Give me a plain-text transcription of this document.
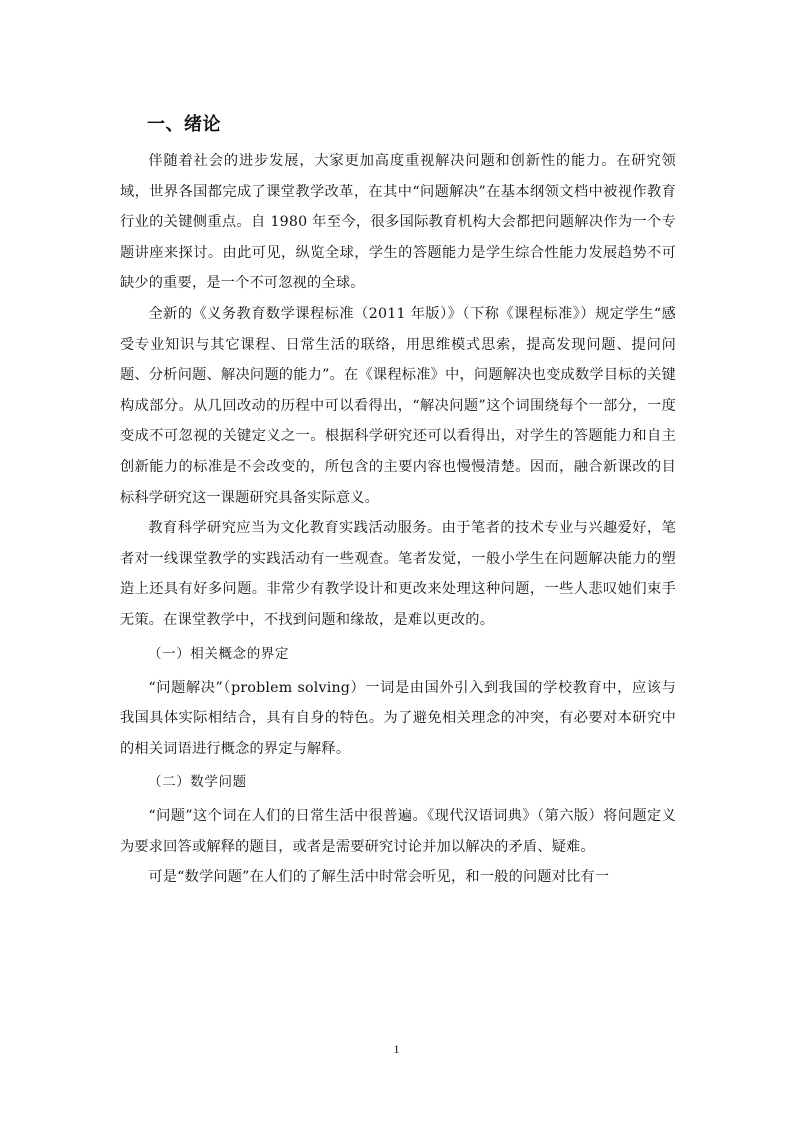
一、绪论

伴随着社会的进步发展，大家更加高度重视解决问题和创新性的能力。在研究领域，世界各国都完成了课堂教学改革，在其中“问题解决”在基本纲领文档中被视作教育行业的关键侧重点。自 1980 年至今，很多国际教育机构大会都把问题解决作为一个专题讲座来探讨。由此可见，纵览全球，学生的答题能力是学生综合性能力发展趋势不可缺少的重要，是一个不可忽视的全球。

全新的《义务教育数学课程标准（2011 年版）》（下称《课程标准》）规定学生“感受专业知识与其它课程、日常生活的联络，用思维模式思索，提高发现问题、提问问题、分析问题、解决问题的能力”。在《课程标准》中，问题解决也变成数学目标的关键构成部分。从几回改动的历程中可以看得出，“解决问题”这个词围绕每个一部分，一度变成不可忽视的关键定义之一。根据科学研究还可以看得出，对学生的答题能力和自主创新能力的标准是不会改变的，所包含的主要内容也慢慢清楚。因而，融合新课改的目标科学研究这一课题研究具备实际意义。

教育科学研究应当为文化教育实践活动服务。由于笔者的技术专业与兴趣爱好，笔者对一线课堂教学的实践活动有一些观查。笔者发觉，一般小学生在问题解决能力的塑造上还具有好多问题。非常少有教学设计和更改来处理这种问题，一些人悲叹她们束手无策。在课堂教学中，不找到问题和缘故，是难以更改的。

（一）相关概念的界定

“问题解决”（problem solving）一词是由国外引入到我国的学校教育中，应该与我国具体实际相结合，具有自身的特色。为了避免相关理念的冲突，有必要对本研究中的相关词语进行概念的界定与解释。

（二）数学问题

“问题”这个词在人们的日常生活中很普遍。《现代汉语词典》（第六版）将问题定义为要求回答或解释的题目，或者是需要研究讨论并加以解决的矛盾、疑难。

可是“数学问题”在人们的了解生活中时常会听见，和一般的问题对比有一

1
